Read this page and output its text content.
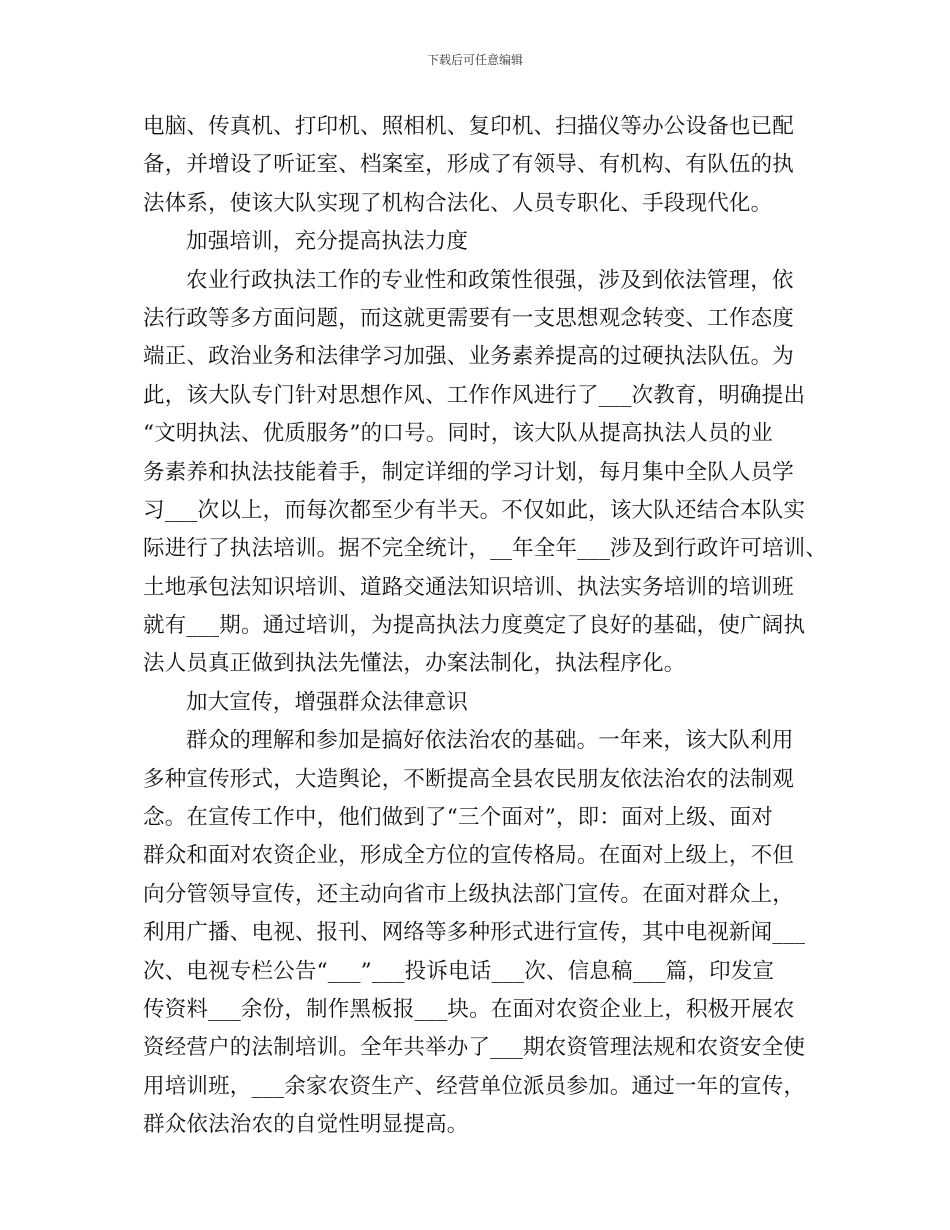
下载后可任意编辑
电脑、传真机、打印机、照相机、复印机、扫描仪等办公设备也已配
备，并增设了听证室、档案室，形成了有领导、有机构、有队伍的执
法体系，使该大队实现了机构合法化、人员专职化、手段现代化。
加强培训，充分提高执法力度
农业行政执法工作的专业性和政策性很强，涉及到依法管理，依
法行政等多方面问题，而这就更需要有一支思想观念转变、工作态度
端正、政治业务和法律学习加强、业务素养提高的过硬执法队伍。为
此，该大队专门针对思想作风、工作作风进行了___次教育，明确提出
“文明执法、优质服务”的口号。同时，该大队从提高执法人员的业
务素养和执法技能着手，制定详细的学习计划，每月集中全队人员学
习___次以上，而每次都至少有半天。不仅如此，该大队还结合本队实
际进行了执法培训。据不完全统计，__年全年___涉及到行政许可培训、
土地承包法知识培训、道路交通法知识培训、执法实务培训的培训班
就有___期。通过培训，为提高执法力度奠定了良好的基础，使广阔执
法人员真正做到执法先懂法，办案法制化，执法程序化。
加大宣传，增强群众法律意识
群众的理解和参加是搞好依法治农的基础。一年来，该大队利用
多种宣传形式，大造舆论，不断提高全县农民朋友依法治农的法制观
念。在宣传工作中，他们做到了“三个面对”，即：面对上级、面对
群众和面对农资企业，形成全方位的宣传格局。在面对上级上，不但
向分管领导宣传，还主动向省市上级执法部门宣传。在面对群众上，
利用广播、电视、报刊、网络等多种形式进行宣传，其中电视新闻___
次、电视专栏公告“___”___投诉电话___次、信息稿___篇，印发宣
传资料___余份，制作黑板报___块。在面对农资企业上，积极开展农
资经营户的法制培训。全年共举办了___期农资管理法规和农资安全使
用培训班，___余家农资生产、经营单位派员参加。通过一年的宣传，
群众依法治农的自觉性明显提高。
